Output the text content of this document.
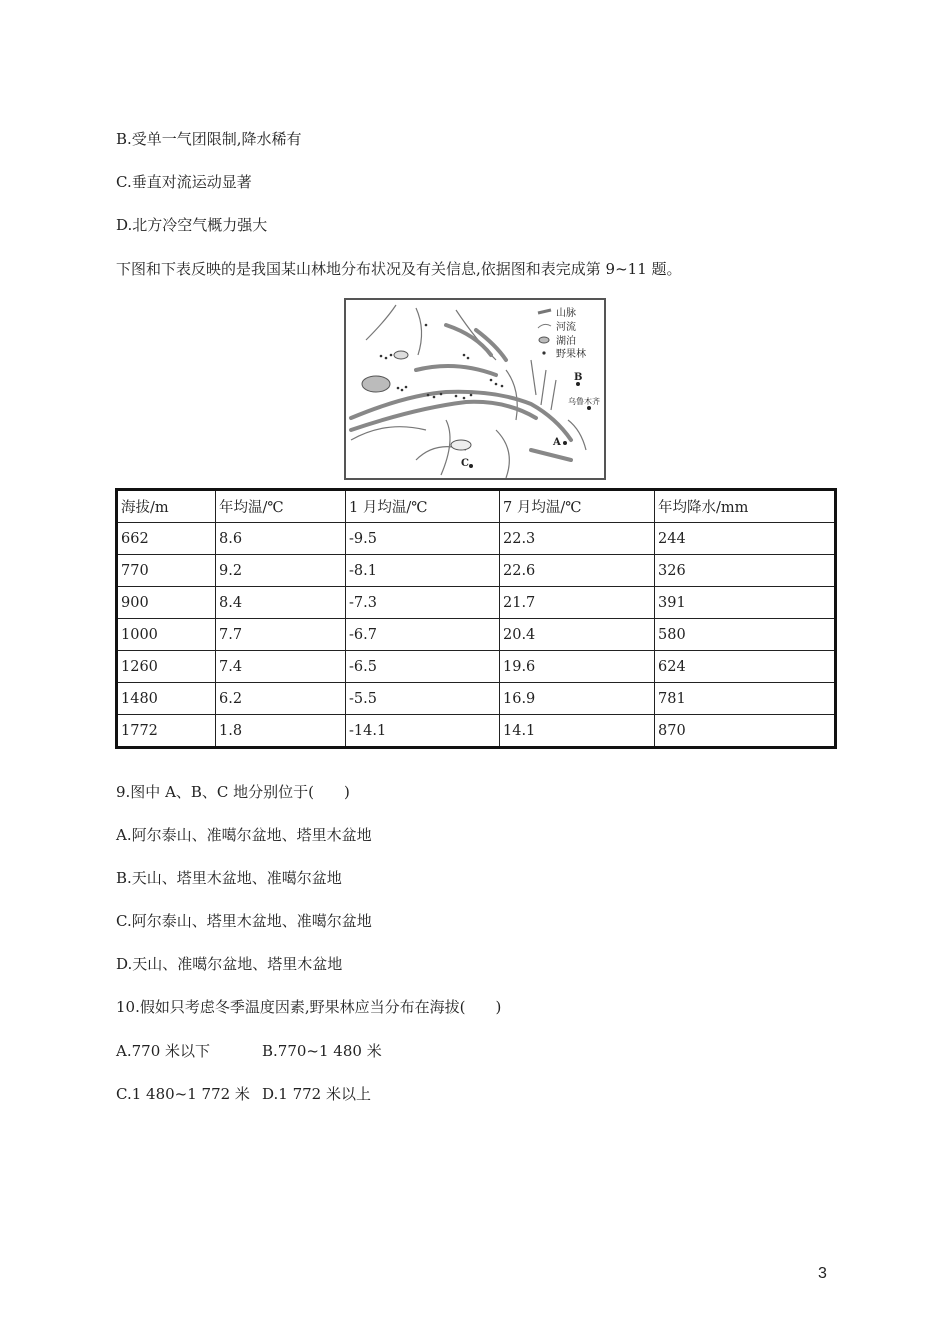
B.受单一气团限制,降水稀有
C.垂直对流运动显著
D.北方冷空气概力强大
下图和下表反映的是我国某山林地分布状况及有关信息,依据图和表完成第 9~11 题。
山脉
河流
湖泊
野果林
B
乌鲁木齐
A
C
海拔/m	年均温/℃	1 月均温/℃	7 月均温/℃	年均降水/mm
662	8.6	-9.5	22.3	244
770	9.2	-8.1	22.6	326
900	8.4	-7.3	21.7	391
1000	7.7	-6.7	20.4	580
1260	7.4	-6.5	19.6	624
1480	6.2	-5.5	16.9	781
1772	1.8	-14.1	14.1	870
9.图中 A、B、C 地分别位于(　　)
A.阿尔泰山、准噶尔盆地、塔里木盆地
B.天山、塔里木盆地、准噶尔盆地
C.阿尔泰山、塔里木盆地、准噶尔盆地
D.天山、准噶尔盆地、塔里木盆地
10.假如只考虑冬季温度因素,野果林应当分布在海拔(　　)
A.770 米以下	B.770~1 480 米
C.1 480~1 772 米 D.1 772 米以上
3
